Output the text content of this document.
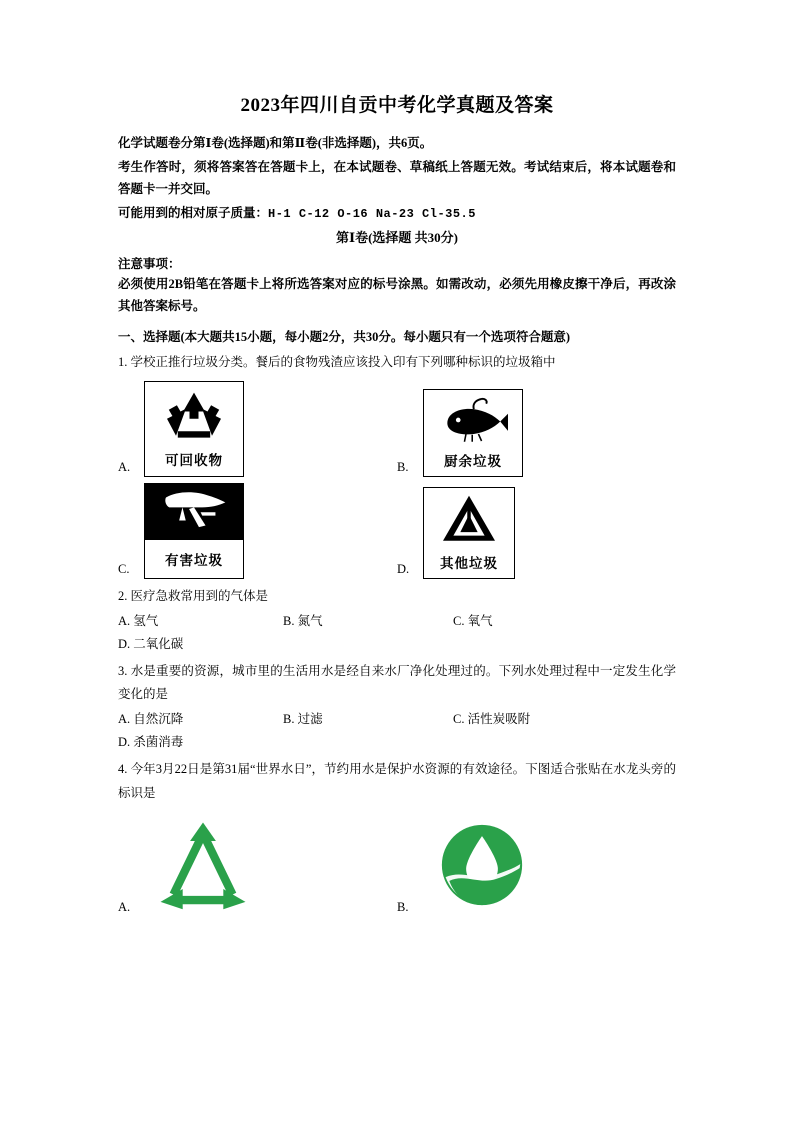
2023年四川自贡中考化学真题及答案
化学试题卷分第Ⅰ卷(选择题)和第Ⅱ卷(非选择题)，共6页。
考生作答时，须将答案答在答题卡上，在本试题卷、草稿纸上答题无效。考试结束后，将本试题卷和答题卡一并交回。
可能用到的相对原子质量：H-1 C-12 O-16 Na-23 Cl-35.5
第Ⅰ卷(选择题 共30分)
注意事项：
必须使用2B铅笔在答题卡上将所选答案对应的标号涂黑。如需改动，必须先用橡皮擦干净后，再改涂其他答案标号。
一、选择题(本大题共15小题，每小题2分，共30分。每小题只有一个选项符合题意)
1. 学校正推行垃圾分类。餐后的食物残渣应该投入印有下列哪种标识的垃圾箱中
A.	可回收物	B.	厨余垃圾
C.
有害垃圾
D.	其他垃圾
2. 医疗急救常用到的气体是
A. 氢气	B. 氮气	C. 氧气
D. 二氧化碳
3. 水是重要的资源，城市里的生活用水是经自来水厂净化处理过的。下列水处理过程中一定发生化学变化的是
A. 自然沉降	B. 过滤	C. 活性炭吸附
D. 杀菌消毒
4. 今年3月22日是第31届“世界水日”，节约用水是保护水资源的有效途径。下图适合张贴在水龙头旁的标识是
A.	B.
